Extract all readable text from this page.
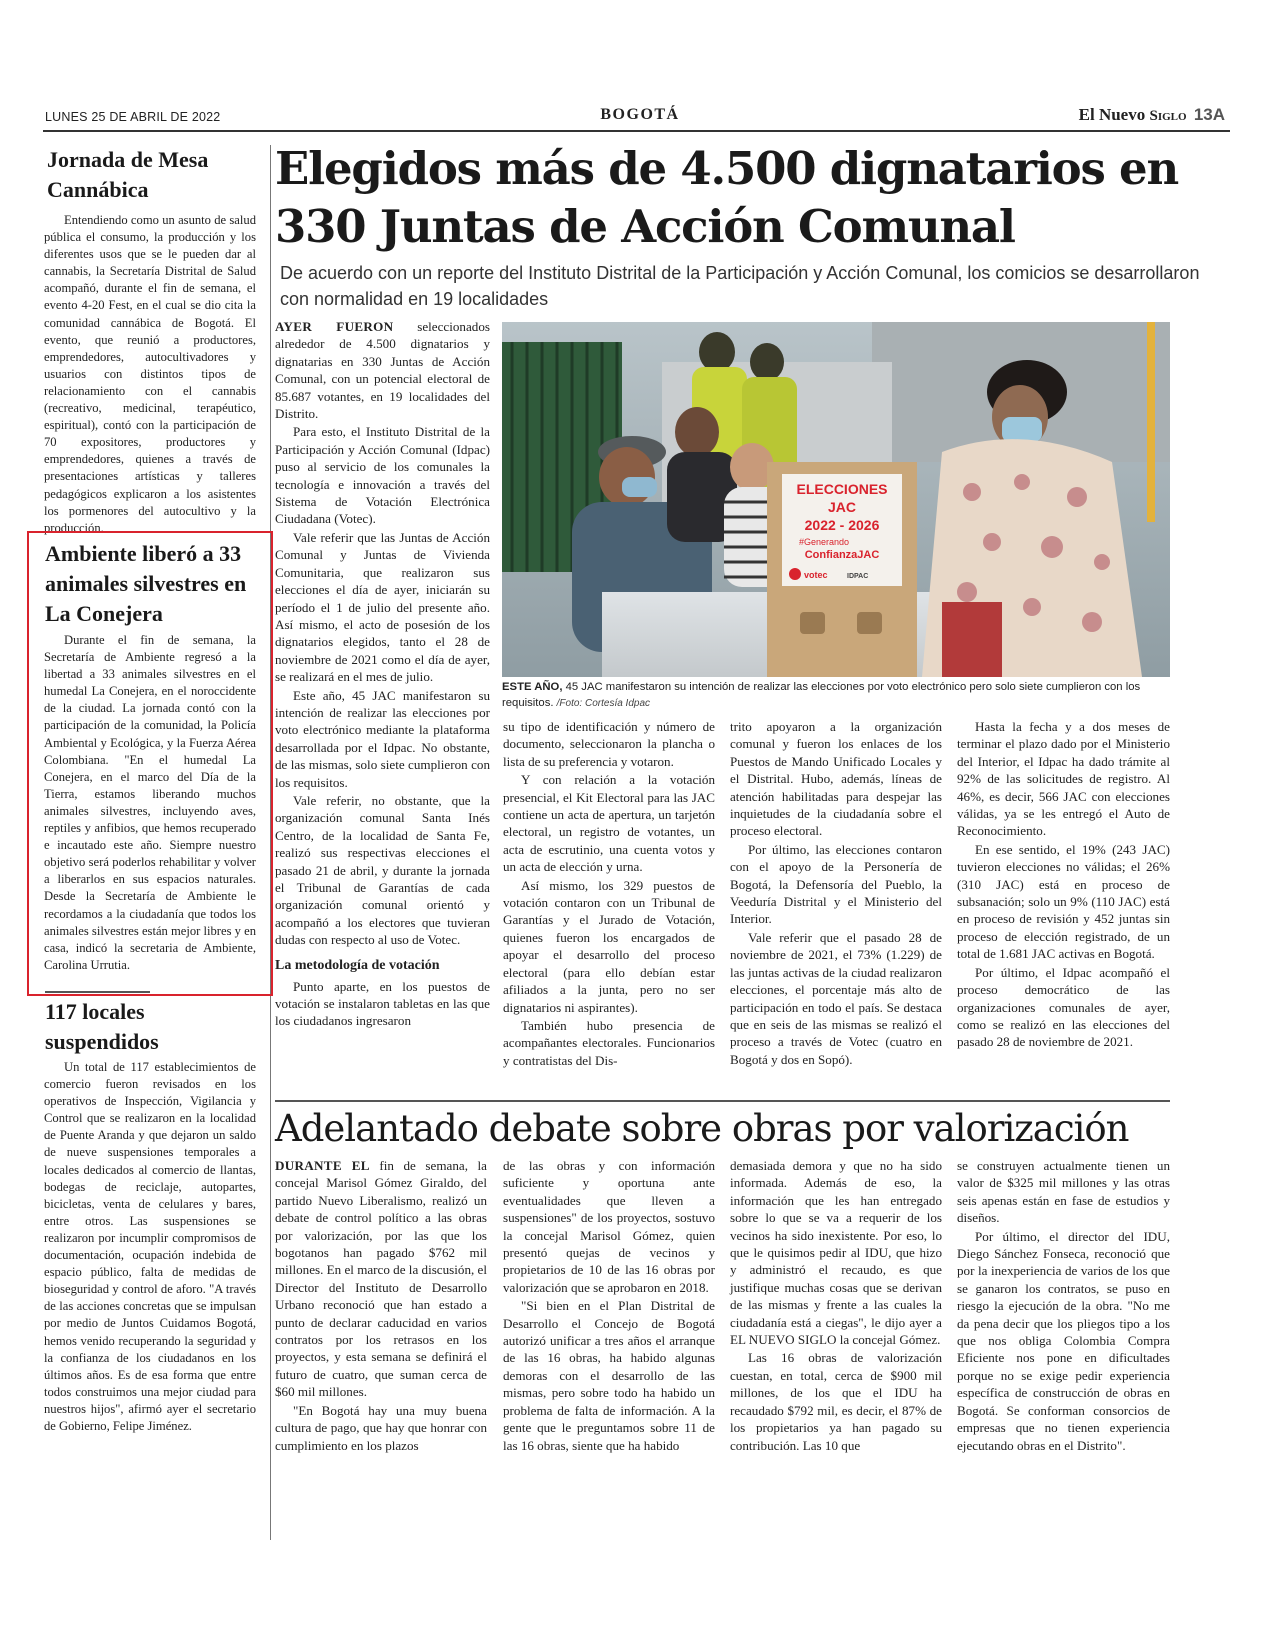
LUNES 25 DE ABRIL DE 2022	BOGOTÁ	El Nuevo Siglo 13A
Jornada de Mesa Cannábica
Entendiendo como un asunto de salud pública el consumo, la producción y los diferentes usos que se le pueden dar al cannabis, la Secretaría Distrital de Salud acompañó, durante el fin de semana, el evento 4-20 Fest, en el cual se dio cita la comunidad cannábica de Bogotá. El evento, que reunió a productores, emprendedores, autocultivadores y usuarios con distintos tipos de relacionamiento con el cannabis (recreativo, medicinal, terapéutico, espiritual), contó con la participación de 70 expositores, productores y emprendedores, quienes a través de presentaciones artísticas y talleres pedagógicos explicaron a los asistentes los pormenores del autocultivo y la producción.
Ambiente liberó a 33 animales silvestres en La Conejera
Durante el fin de semana, la Secretaría de Ambiente regresó a la libertad a 33 animales silvestres en el humedal La Conejera, en el noroccidente de la ciudad. La jornada contó con la participación de la comunidad, la Policía Ambiental y Ecológica, y la Fuerza Aérea Colombiana. "En el humedal La Conejera, en el marco del Día de la Tierra, estamos liberando muchos animales silvestres, incluyendo aves, reptiles y anfibios, que hemos recuperado e incautado este año. Siempre nuestro objetivo será poderlos rehabilitar y volver a liberarlos en sus espacios naturales. Desde la Secretaría de Ambiente le recordamos a la ciudadanía que todos los animales silvestres están mejor libres y en casa, indicó la secretaria de Ambiente, Carolina Urrutia.
117 locales suspendidos
Un total de 117 establecimientos de comercio fueron revisados en los operativos de Inspección, Vigilancia y Control que se realizaron en la localidad de Puente Aranda y que dejaron un saldo de nueve suspensiones temporales a locales dedicados al comercio de llantas, bodegas de reciclaje, autopartes, bicicletas, venta de celulares y bares, entre otros. Las suspensiones se realizaron por incumplir compromisos de documentación, ocupación indebida de espacio público, falta de medidas de bioseguridad y control de aforo. "A través de las acciones concretas que se impulsan por medio de Juntos Cuidamos Bogotá, hemos venido recuperando la seguridad y la confianza de los ciudadanos en los últimos años. Es de esa forma que entre todos construimos una mejor ciudad para nuestros hijos", afirmó ayer el secretario de Gobierno, Felipe Jiménez.
Elegidos más de 4.500 dignatarios en 330 Juntas de Acción Comunal
De acuerdo con un reporte del Instituto Distrital de la Participación y Acción Comunal, los comicios se desarrollaron con normalidad en 19 localidades

AYER FUERON seleccionados alrededor de 4.500 dignatarios y dignatarias en 330 Juntas de Acción Comunal, con un potencial electoral de 85.687 votantes, en 19 localidades del Distrito.

Para esto, el Instituto Distrital de la Participación y Acción Comunal (Idpac) puso al servicio de los comunales la tecnología e innovación a través del Sistema de Votación Electrónica Ciudadana (Votec).

Vale referir que las Juntas de Acción Comunal y Juntas de Vivienda Comunitaria, que realizaron sus elecciones el día de ayer, iniciarán su período el 1 de julio del presente año. Así mismo, el acto de posesión de los dignatarios elegidos, tanto el 28 de noviembre de 2021 como el día de ayer, se realizará en el mes de julio.

Este año, 45 JAC manifestaron su intención de realizar las elecciones por voto electrónico mediante la plataforma desarrollada por el Idpac. No obstante, de las mismas, solo siete cumplieron con los requisitos.

Vale referir, no obstante, que la organización comunal Santa Inés Centro, de la localidad de Santa Fe, realizó sus respectivas elecciones el pasado 21 de abril, y durante la jornada el Tribunal de Garantías de cada organización comunal orientó y acompañó a los electores que tuvieran dudas con respecto al uso de Votec.

La metodología de votación

Punto aparte, en los puestos de votación se instalaron tabletas en las que los ciudadanos ingresaron

ELECCIONES
JAC
2022 - 2026
#Generando
ConfianzaJAC
votec	IDPAC
ESTE AÑO, 45 JAC manifestaron su intención de realizar las elecciones por voto electrónico pero solo siete cumplieron con los requisitos. /Foto: Cortesía Idpac

su tipo de identificación y número de documento, seleccionaron la plancha o lista de su preferencia y votaron.

Y con relación a la votación presencial, el Kit Electoral para las JAC contiene un acta de apertura, un tarjetón electoral, un registro de votantes, un acta de escrutinio, una cuenta votos y un acta de elección y urna.

Así mismo, los 329 puestos de votación contaron con un Tribunal de Garantías y el Jurado de Votación, quienes fueron los encargados de apoyar el desarrollo del proceso electoral (para ello debían estar afiliados a la junta, pero no ser dignatarios ni aspirantes).

También hubo presencia de acompañantes electorales. Funcionarios y contratistas del Dis-

trito apoyaron a la organización comunal y fueron los enlaces de los Puestos de Mando Unificado Locales y el Distrital. Hubo, además, líneas de atención habilitadas para despejar las inquietudes de la ciudadanía sobre el proceso electoral.

Por último, las elecciones contaron con el apoyo de la Personería de Bogotá, la Defensoría del Pueblo, la Veeduría Distrital y el Ministerio del Interior.

Vale referir que el pasado 28 de noviembre de 2021, el 73% (1.229) de las juntas activas de la ciudad realizaron elecciones, el porcentaje más alto de participación en todo el país. Se destaca que en seis de las mismas se realizó el proceso a través de Votec (cuatro en Bogotá y dos en Sopó).

Hasta la fecha y a dos meses de terminar el plazo dado por el Ministerio del Interior, el Idpac ha dado trámite al 92% de las solicitudes de registro. Al 46%, es decir, 566 JAC con elecciones válidas, ya se les entregó el Auto de Reconocimiento.

En ese sentido, el 19% (243 JAC) tuvieron elecciones no válidas; el 26% (310 JAC) está en proceso de subsanación; solo un 9% (110 JAC) está en proceso de revisión y 452 juntas sin proceso de elección registrado, de un total de 1.681 JAC activas en Bogotá.

Por último, el Idpac acompañó el proceso democrático de las organizaciones comunales de ayer, como se realizó en las elecciones del pasado 28 de noviembre de 2021.

Adelantado debate sobre obras por valorización

DURANTE EL fin de semana, la concejal Marisol Gómez Giraldo, del partido Nuevo Liberalismo, realizó un debate de control político a las obras por valorización, por las que los bogotanos han pagado $762 mil millones. En el marco de la discusión, el Director del Instituto de Desarrollo Urbano reconoció que han estado a punto de declarar caducidad en varios contratos por los retrasos en los proyectos, y esta semana se definirá el futuro de cuatro, que suman cerca de $60 mil millones.

"En Bogotá hay una muy buena cultura de pago, que hay que honrar con cumplimiento en los plazos

de las obras y con información suficiente y oportuna ante eventualidades que lleven a suspensiones" de los proyectos, sostuvo la concejal Marisol Gómez, quien presentó quejas de vecinos y propietarios de 10 de las 16 obras por valorización que se aprobaron en 2018.

"Si bien en el Plan Distrital de Desarrollo el Concejo de Bogotá autorizó unificar a tres años el arranque de las 16 obras, ha habido algunas demoras con el desarrollo de las mismas, pero sobre todo ha habido un problema de falta de información. A la gente que le preguntamos sobre 11 de las 16 obras, siente que ha habido

demasiada demora y que no ha sido informada. Además de eso, la información que les han entregado sobre lo que se va a requerir de los vecinos ha sido inexistente. Por eso, lo que le quisimos pedir al IDU, que hizo y administró el recaudo, es que justifique muchas cosas que se derivan de las mismas y frente a las cuales la ciudadanía está a ciegas", le dijo ayer a EL NUEVO SIGLO la concejal Gómez.

Las 16 obras de valorización cuestan, en total, cerca de $900 mil millones, de los que el IDU ha recaudado $792 mil, es decir, el 87% de los propietarios ya han pagado su contribución. Las 10 que

se construyen actualmente tienen un valor de $325 mil millones y las otras seis apenas están en fase de estudios y diseños.

Por último, el director del IDU, Diego Sánchez Fonseca, reconoció que por la inexperiencia de varios de los que se ganaron los contratos, se puso en riesgo la ejecución de la obra. "No me da pena decir que los pliegos tipo a los que nos obliga Colombia Compra Eficiente nos pone en dificultades porque no se exige pedir experiencia específica de construcción de obras en Bogotá. Se conforman consorcios de empresas que no tienen experiencia ejecutando obras en el Distrito".
